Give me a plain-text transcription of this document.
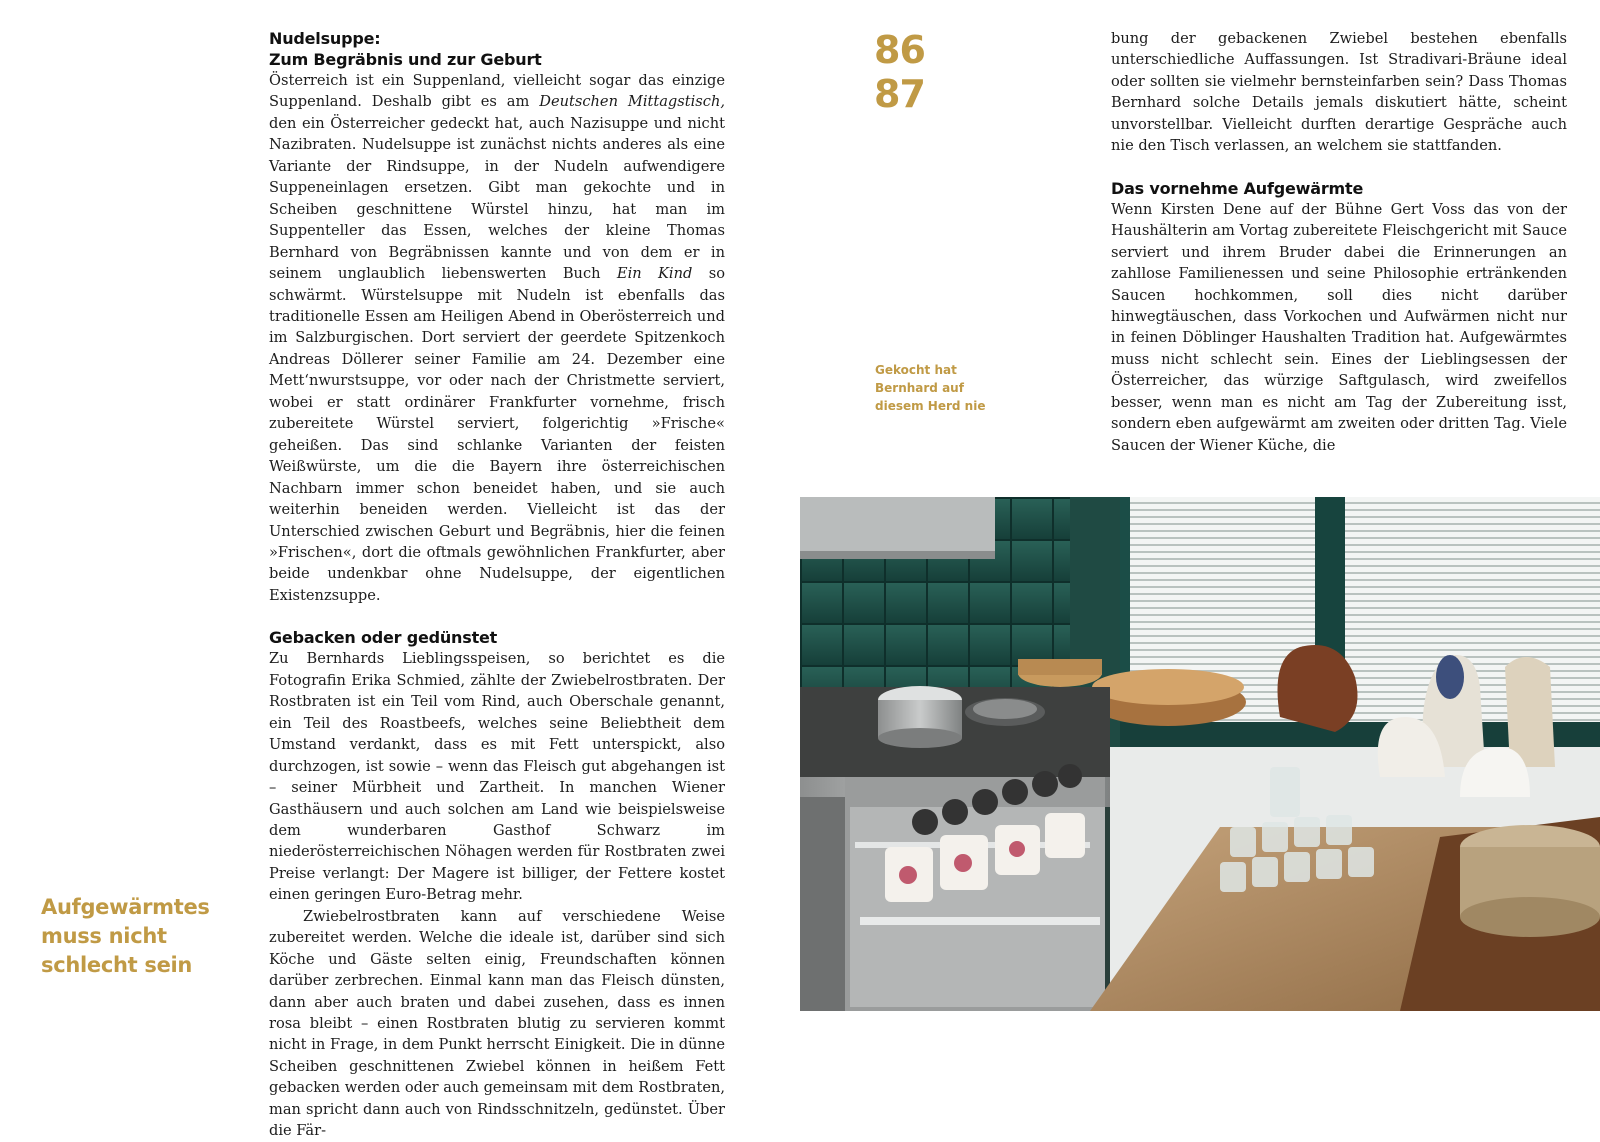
86
87
Nudelsuppe:
Zum Begräbnis und zur Geburt

Österreich ist ein Suppenland, vielleicht sogar das einzige Suppenland. Deshalb gibt es am Deutschen Mittagstisch, den ein Österreicher gedeckt hat, auch Nazisuppe und nicht Nazibraten. Nudelsuppe ist zunächst nichts anderes als eine Variante der Rindsuppe, in der Nudeln aufwendigere Suppeneinlagen ersetzen. Gibt man gekochte und in Scheiben geschnittene Würstel hinzu, hat man im Suppenteller das Essen, welches der kleine Thomas Bernhard von Begräbnissen kannte und von dem er in seinem unglaublich liebenswerten Buch Ein Kind so schwärmt. Würstelsuppe mit Nudeln ist ebenfalls das traditionelle Essen am Heiligen Abend in Oberösterreich und im Salzburgischen. Dort serviert der geerdete Spitzenkoch Andreas Döllerer seiner Familie am 24. Dezember eine Mett‘nwurstsuppe, vor oder nach der Christmette serviert, wobei er statt ordinärer Frankfurter vornehme, frisch zubereitete Würstel serviert, folgerichtig »Frische« geheißen. Das sind schlanke Varianten der feisten Weißwürste, um die die Bayern ihre österreichischen Nachbarn immer schon beneidet haben, und sie auch weiterhin beneiden werden. Vielleicht ist das der Unterschied zwischen Geburt und Begräbnis, hier die feinen »Frischen«, dort die oftmals gewöhnlichen Frankfurter, aber beide undenkbar ohne Nudelsuppe, der eigentlichen Existenzsuppe.

Gebacken oder gedünstet

Zu Bernhards Lieblingsspeisen, so berichtet es die Fotografin Erika Schmied, zählte der Zwiebelrostbraten. Der Rostbraten ist ein Teil vom Rind, auch Oberschale genannt, ein Teil des Roastbeefs, welches seine Beliebtheit dem Umstand verdankt, dass es mit Fett unterspickt, also durchzogen, ist sowie – wenn das Fleisch gut abgehangen ist – seiner Mürbheit und Zartheit. In manchen Wiener Gasthäusern und auch solchen am Land wie beispielsweise dem wunderbaren Gasthof Schwarz im niederösterreichischen Nöhagen werden für Rostbraten zwei Preise verlangt: Der Magere ist billiger, der Fettere kostet einen geringen Euro-Betrag mehr.

Zwiebelrostbraten kann auf verschiedene Weise zubereitet werden. Welche die ideale ist, darüber sind sich Köche und Gäste selten einig, Freundschaften können darüber zerbrechen. Einmal kann man das Fleisch dünsten, dann aber auch braten und dabei zusehen, dass es innen rosa bleibt – einen Rostbraten blutig zu servieren kommt nicht in Frage, in dem Punkt herrscht Einigkeit. Die in dünne Scheiben geschnittenen Zwiebel können in heißem Fett gebacken werden oder auch gemeinsam mit dem Rostbraten, man spricht dann auch von Rindsschnitzeln, gedünstet. Über die Fär-

bung der gebackenen Zwiebel bestehen ebenfalls unterschiedliche Auffassungen. Ist Stradivari-Bräune ideal oder sollten sie vielmehr bernsteinfarben sein? Dass Thomas Bernhard solche Details jemals diskutiert hätte, scheint unvorstellbar. Vielleicht durften derartige Gespräche auch nie den Tisch verlassen, an welchem sie stattfanden.

Das vornehme Aufgewärmte

Wenn Kirsten Dene auf der Bühne Gert Voss das von der Haushälterin am Vortag zubereitete Fleischgericht mit Sauce serviert und ihrem Bruder dabei die Erinnerungen an zahllose Familienessen und seine Philosophie ertränkenden Saucen hochkommen, soll dies nicht darüber hinwegtäuschen, dass Vorkochen und Aufwärmen nicht nur in feinen Döblinger Haushalten Tradition hat. Aufgewärmtes muss nicht schlecht sein. Eines der Lieblingsessen der Österreicher, das würzige Saftgulasch, wird zweifellos besser, wenn man es nicht am Tag der Zubereitung isst, sondern eben aufgewärmt am zweiten oder dritten Tag. Viele Saucen der Wiener Küche, die

Gekocht hat
Bernhard auf
diesem Herd nie
Aufgewärmtes
muss nicht
schlecht sein
